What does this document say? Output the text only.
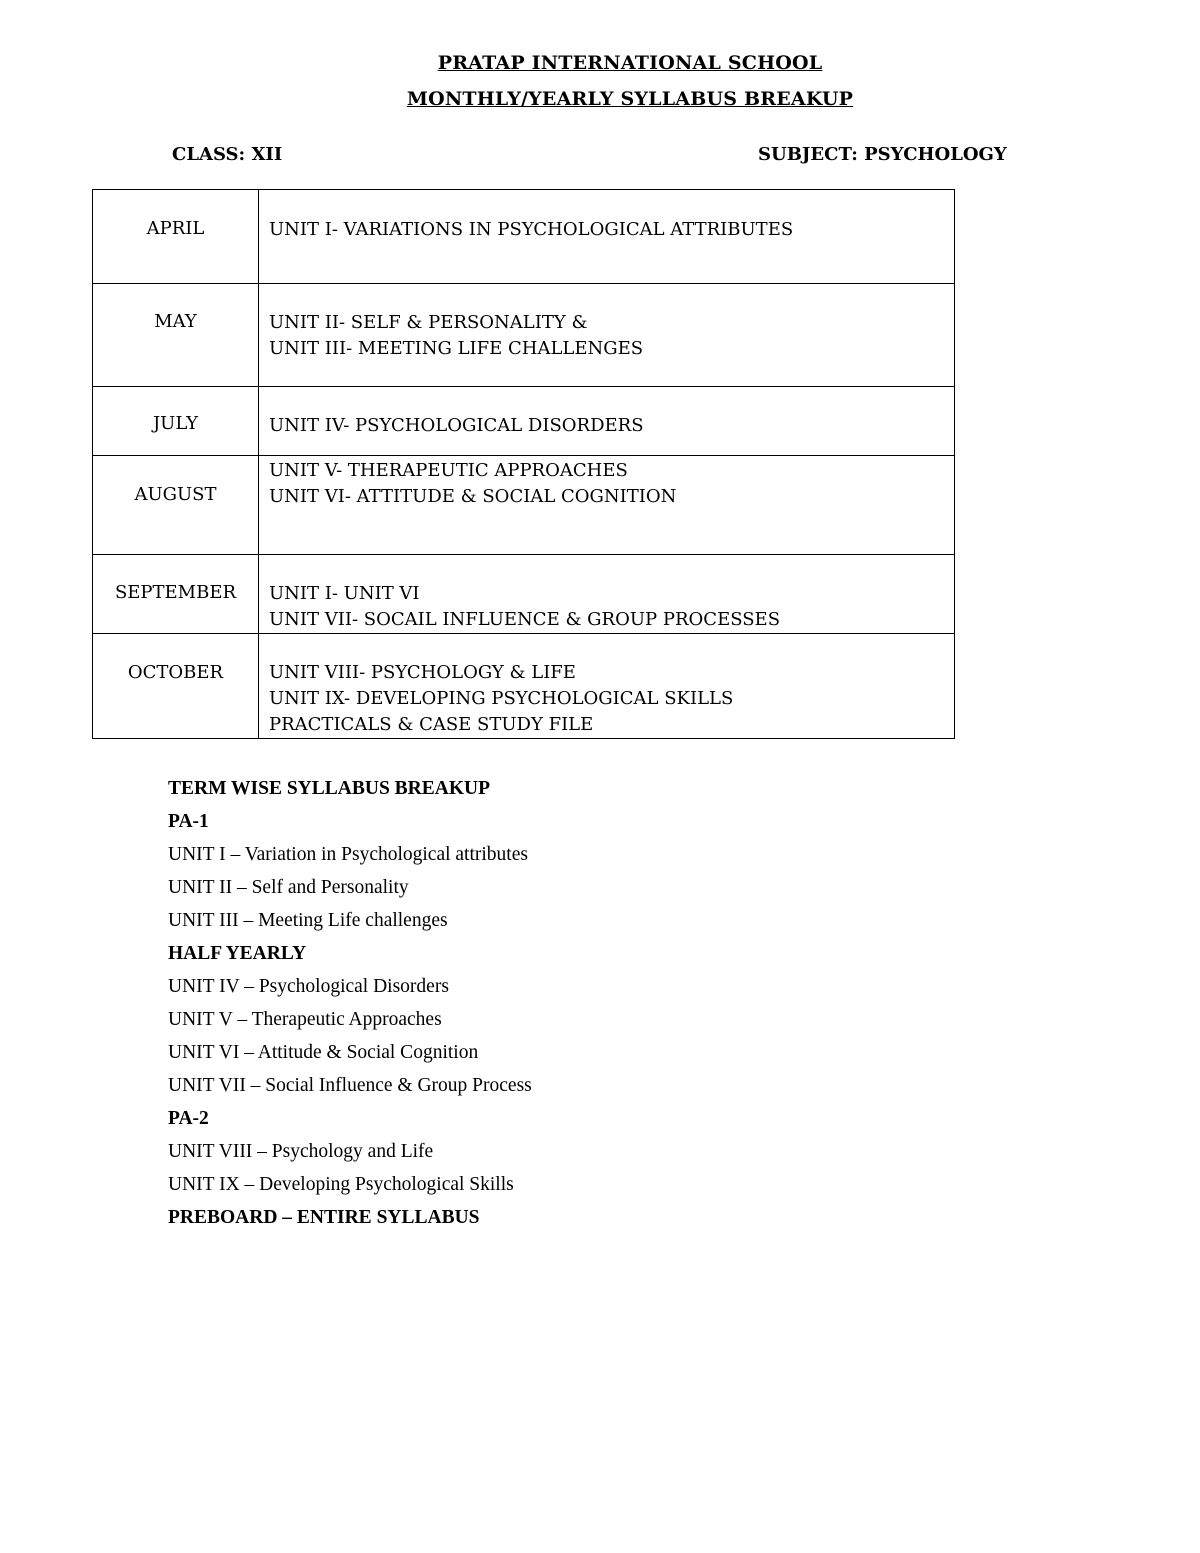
PRATAP INTERNATIONAL SCHOOL
MONTHLY/YEARLY SYLLABUS BREAKUP
CLASS: XII	SUBJECT: PSYCHOLOGY
APRIL	UNIT I- VARIATIONS IN PSYCHOLOGICAL ATTRIBUTES

MAY	UNIT II- SELF & PERSONALITY &
UNIT III- MEETING LIFE CHALLENGES

JULY	UNIT IV- PSYCHOLOGICAL DISORDERS

AUGUST	UNIT V- THERAPEUTIC APPROACHES
UNIT VI- ATTITUDE & SOCIAL COGNITION

SEPTEMBER	UNIT I- UNIT VI
UNIT VII- SOCAIL INFLUENCE & GROUP PROCESSES

OCTOBER	UNIT VIII- PSYCHOLOGY & LIFE
UNIT IX- DEVELOPING PSYCHOLOGICAL SKILLS
PRACTICALS & CASE STUDY FILE
TERM WISE SYLLABUS BREAKUP
PA-1
UNIT I – Variation in Psychological attributes
UNIT II – Self and Personality
UNIT III – Meeting Life challenges
HALF YEARLY
UNIT IV – Psychological Disorders
UNIT V – Therapeutic Approaches
UNIT VI – Attitude & Social Cognition
UNIT VII – Social Influence & Group Process
PA-2
UNIT VIII – Psychology and Life
UNIT IX – Developing Psychological Skills
PREBOARD – ENTIRE SYLLABUS
